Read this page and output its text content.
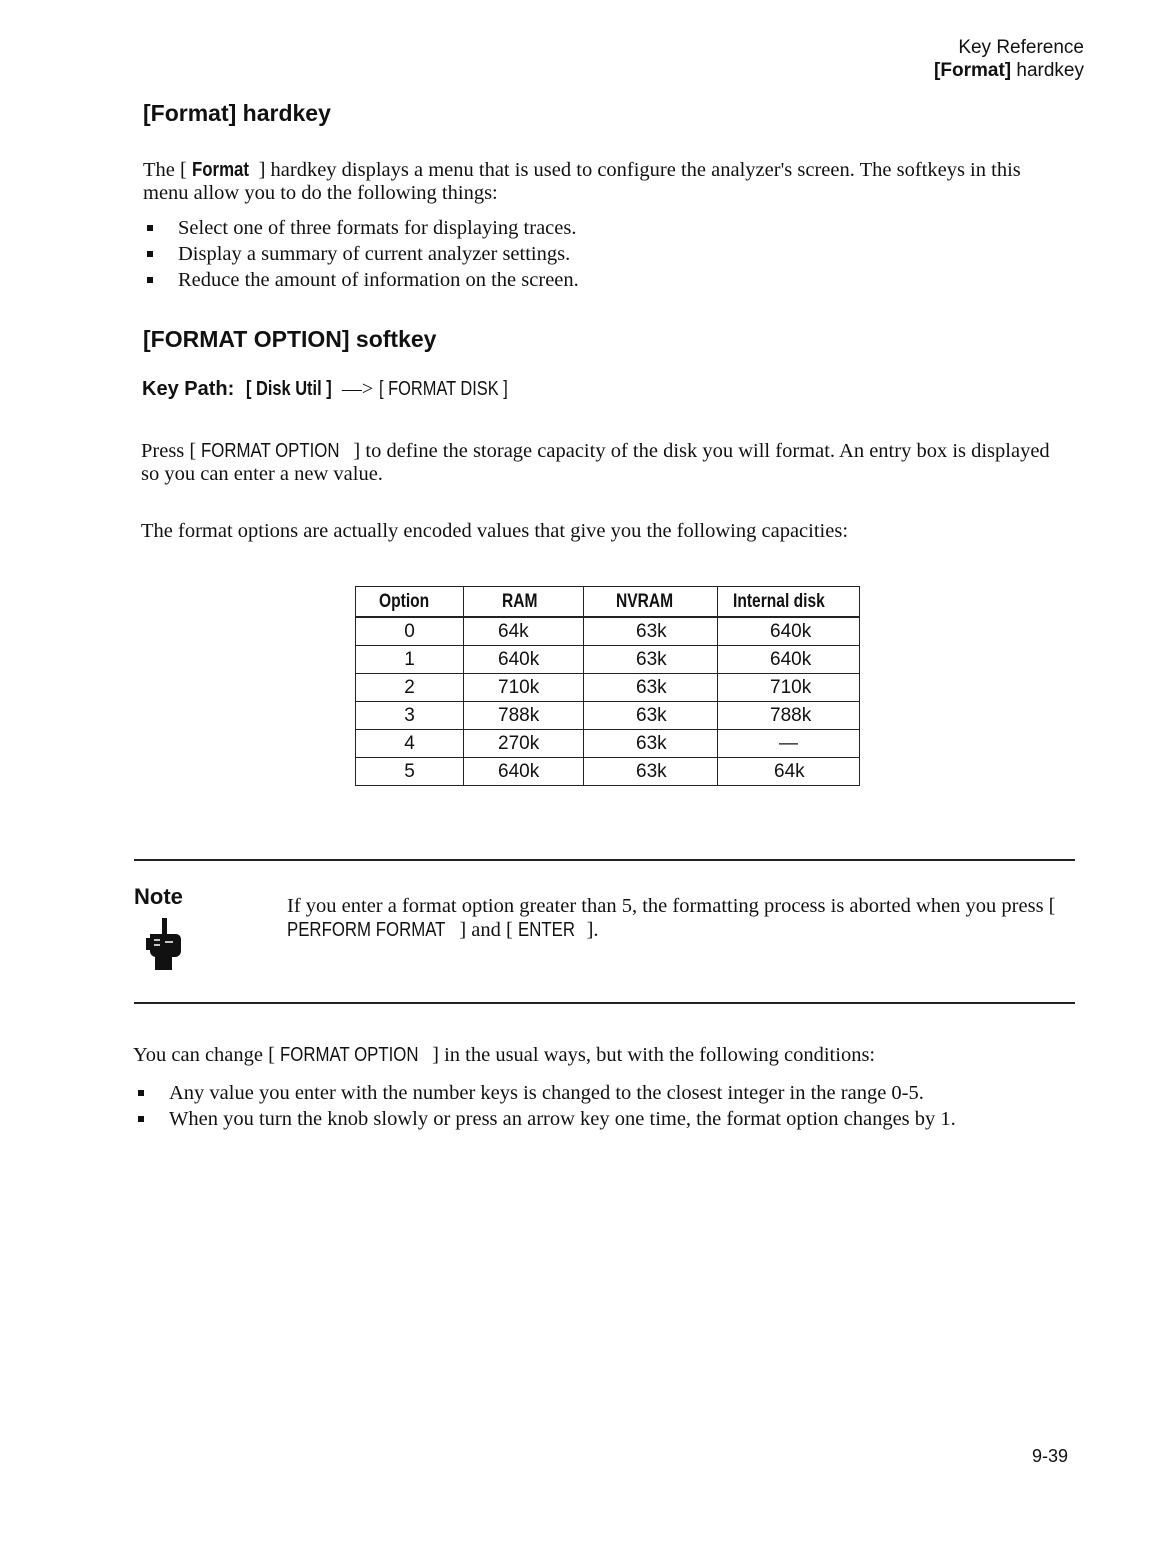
Key Reference
[Format] hardkey
[Format] hardkey
The [ Format ] hardkey displays a menu that is used to configure the analyzer's screen. The softkeys in this menu allow you to do the following things:
Select one of three formats for displaying traces.
Display a summary of current analyzer settings.
Reduce the amount of information on the screen.
[FORMAT OPTION] softkey
Key Path: [ Disk Util ] —> [ FORMAT DISK ]
Press [ FORMAT OPTION ] to define the storage capacity of the disk you will format. An entry box is displayed so you can enter a new value.
The format options are actually encoded values that give you the following capacities:
Option	RAM	NVRAM	Internal disk
0	64k	63k	640k
1	640k	63k	640k
2	710k	63k	710k
3	788k	63k	788k
4	270k	63k	—
5	640k	63k	64k
Note	If you enter a format option greater than 5, the formatting process is aborted when you press [ PERFORM FORMAT ] and [ ENTER ].
You can change [ FORMAT OPTION ] in the usual ways, but with the following conditions:
Any value you enter with the number keys is changed to the closest integer in the range 0-5.
When you turn the knob slowly or press an arrow key one time, the format option changes by 1.
9-39
